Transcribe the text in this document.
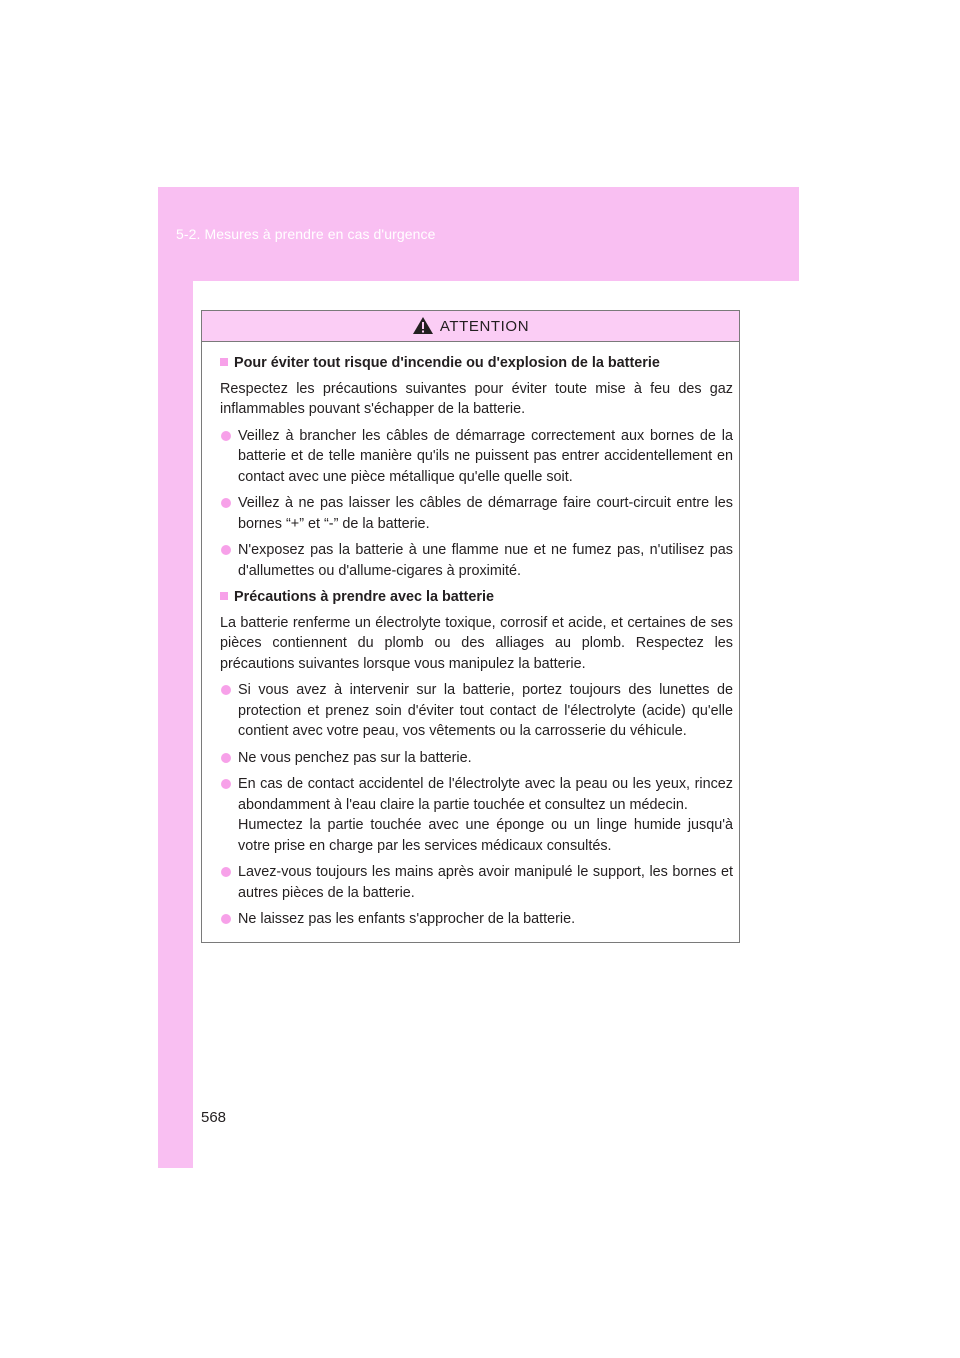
5-2. Mesures à prendre en cas d'urgence
ATTENTION
Pour éviter tout risque d'incendie ou d'explosion de la batterie

Respectez les précautions suivantes pour éviter toute mise à feu des gaz inflammables pouvant s'échapper de la batterie.

Veillez à brancher les câbles de démarrage correctement aux bornes de la batterie et de telle manière qu'ils ne puissent pas entrer accidentellement en contact avec une pièce métallique qu'elle quelle soit.
Veillez à ne pas laisser les câbles de démarrage faire court-circuit entre les bornes “+” et “-” de la batterie.
N'exposez pas la batterie à une flamme nue et ne fumez pas, n'utilisez pas d'allumettes ou d'allume-cigares à proximité.
Précautions à prendre avec la batterie

La batterie renferme un électrolyte toxique, corrosif et acide, et certaines de ses pièces contiennent du plomb ou des alliages au plomb. Respectez les précautions suivantes lorsque vous manipulez la batterie.

Si vous avez à intervenir sur la batterie, portez toujours des lunettes de protection et prenez soin d'éviter tout contact de l'électrolyte (acide) qu'elle contient avec votre peau, vos vêtements ou la carrosserie du véhicule.
Ne vous penchez pas sur la batterie.
En cas de contact accidentel de l'électrolyte avec la peau ou les yeux, rincez abondamment à l'eau claire la partie touchée et consultez un médecin.
Humectez la partie touchée avec une éponge ou un linge humide jusqu'à votre prise en charge par les services médicaux consultés.
Lavez-vous toujours les mains après avoir manipulé le support, les bornes et autres pièces de la batterie.
Ne laissez pas les enfants s'approcher de la batterie.
568
